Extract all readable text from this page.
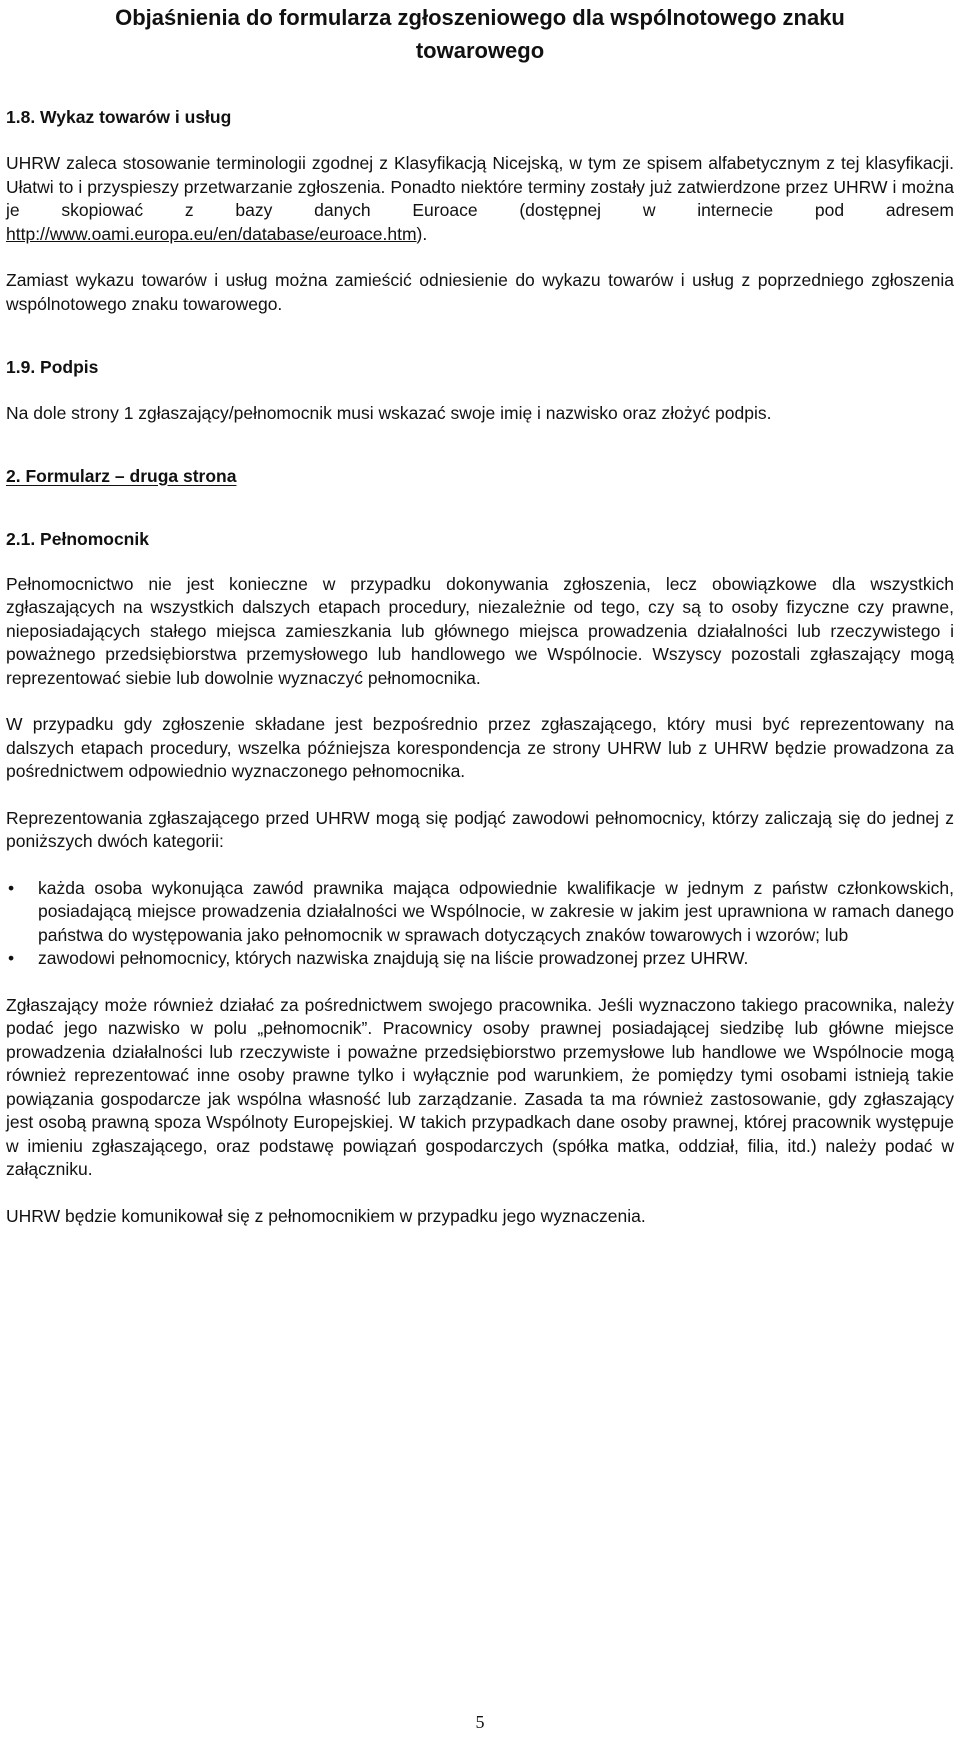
Objaśnienia do formularza zgłoszeniowego dla wspólnotowego znaku
towarowego
1.8. Wykaz towarów i usług

UHRW zaleca stosowanie terminologii zgodnej z Klasyfikacją Nicejską, w tym ze spisem alfabetycznym z tej klasyfikacji. Ułatwi to i przyspieszy przetwarzanie zgłoszenia. Ponadto niektóre terminy zostały już zatwierdzone przez UHRW i można je skopiować z bazy danych Euroace (dostępnej w internecie pod adresem http://www.oami.europa.eu/en/database/euroace.htm).

Zamiast wykazu towarów i usług można zamieścić odniesienie do wykazu towarów i usług z poprzedniego zgłoszenia wspólnotowego znaku towarowego.

1.9. Podpis

Na dole strony 1 zgłaszający/pełnomocnik musi wskazać swoje imię i nazwisko oraz złożyć podpis.

2. Formularz – druga strona
2.1. Pełnomocnik

Pełnomocnictwo nie jest konieczne w przypadku dokonywania zgłoszenia, lecz obowiązkowe dla wszystkich zgłaszających na wszystkich dalszych etapach procedury, niezależnie od tego, czy są to osoby fizyczne czy prawne, nieposiadających stałego miejsca zamieszkania lub głównego miejsca prowadzenia działalności lub rzeczywistego i poważnego przedsiębiorstwa przemysłowego lub handlowego we Wspólnocie. Wszyscy pozostali zgłaszający mogą reprezentować siebie lub dowolnie wyznaczyć pełnomocnika.

W przypadku gdy zgłoszenie składane jest bezpośrednio przez zgłaszającego, który musi być reprezentowany na dalszych etapach procedury, wszelka późniejsza korespondencja ze strony UHRW lub z UHRW będzie prowadzona za pośrednictwem odpowiednio wyznaczonego pełnomocnika.

Reprezentowania zgłaszającego przed UHRW mogą się podjąć zawodowi pełnomocnicy, którzy zaliczają się do jednej z poniższych dwóch kategorii:

• każda osoba wykonująca zawód prawnika mająca odpowiednie kwalifikacje w jednym z państw członkowskich, posiadającą miejsce prowadzenia działalności we Wspólnocie, w zakresie w jakim jest uprawniona w ramach danego państwa do występowania jako pełnomocnik w sprawach dotyczących znaków towarowych i wzorów; lub
• zawodowi pełnomocnicy, których nazwiska znajdują się na liście prowadzonej przez UHRW.

Zgłaszający może również działać za pośrednictwem swojego pracownika. Jeśli wyznaczono takiego pracownika, należy podać jego nazwisko w polu „pełnomocnik”. Pracownicy osoby prawnej posiadającej siedzibę lub główne miejsce prowadzenia działalności lub rzeczywiste i poważne przedsiębiorstwo przemysłowe lub handlowe we Wspólnocie mogą również reprezentować inne osoby prawne tylko i wyłącznie pod warunkiem, że pomiędzy tymi osobami istnieją takie powiązania gospodarcze jak wspólna własność lub zarządzanie. Zasada ta ma również zastosowanie, gdy zgłaszający jest osobą prawną spoza Wspólnoty Europejskiej. W takich przypadkach dane osoby prawnej, której pracownik występuje w imieniu zgłaszającego, oraz podstawę powiązań gospodarczych (spółka matka, oddział, filia, itd.) należy podać w załączniku.

UHRW będzie komunikował się z pełnomocnikiem w przypadku jego wyznaczenia.

5
